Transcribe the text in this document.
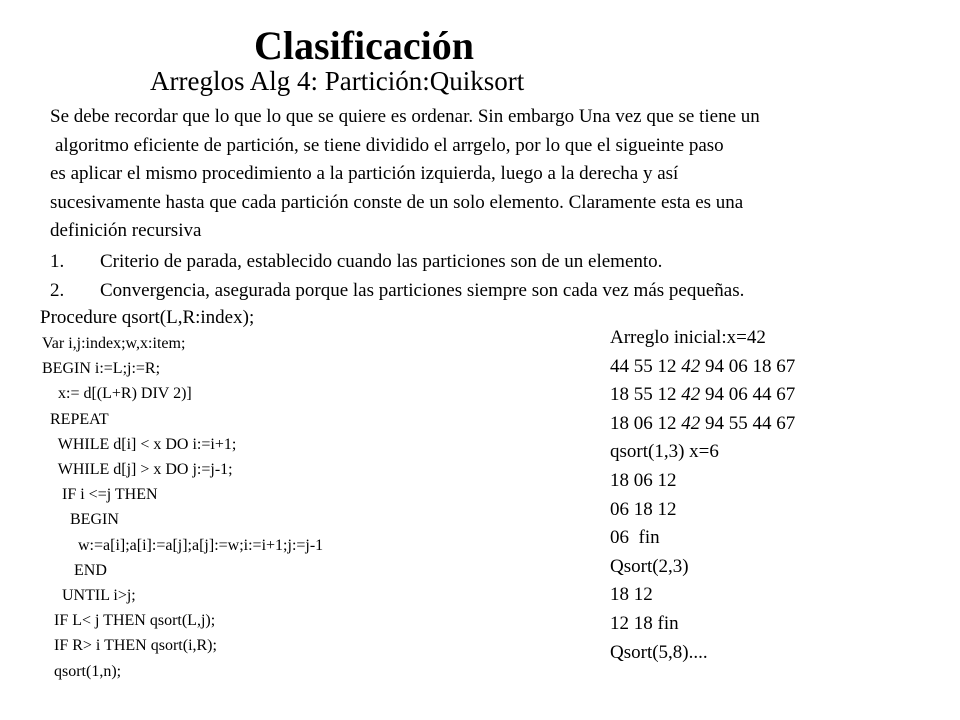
Clasificación
Arreglos Alg 4: Partición:Quiksort
Se debe recordar que lo que lo que se quiere es ordenar. Sin embargo Una vez que se tiene un
algoritmo eficiente de partición, se tiene dividido el arrgelo, por lo que el sigueinte paso
es aplicar el mismo procedimiento a la partición izquierda, luego a la derecha y así
sucesivamente hasta que cada partición conste de un solo elemento. Claramente esta es una
definición recursiva
1. Criterio de parada, establecido cuando las particiones son de un elemento.
2. Convergencia, asegurada porque las particiones siempre son cada vez más pequeñas.
Procedure qsort(L,R:index);
Var i,j:index;w,x:item;
BEGIN i:=L;j:=R;
x:= d[(L+R) DIV 2)]
REPEAT
WHILE d[i] < x DO i:=i+1;
WHILE d[j] > x DO j:=j-1;
IF i <=j THEN
BEGIN
w:=a[i];a[i]:=a[j];a[j]:=w;i:=i+1;j:=j-1
END
UNTIL i>j;
IF L< j THEN qsort(L,j);
IF R> i THEN qsort(i,R);
qsort(1,n);
Arreglo inicial:x=42
44 55 12 42 94 06 18 67
18 55 12 42 94 06 44 67
18 06 12 42 94 55 44 67
qsort(1,3) x=6
18 06 12
06 18 12
06  fin
Qsort(2,3)
18 12
12 18 fin
Qsort(5,8)....
